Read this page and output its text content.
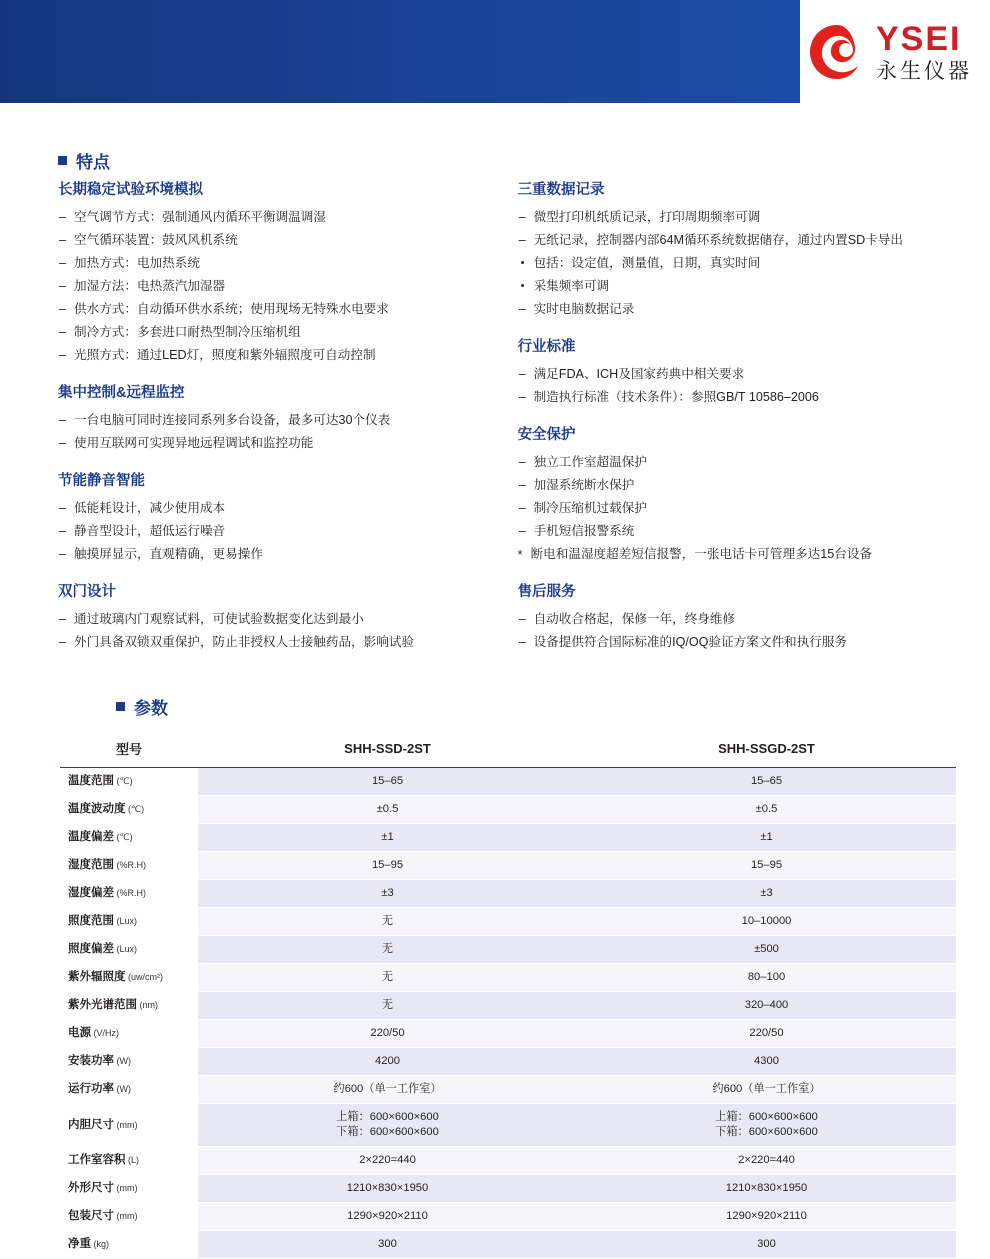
YSEI
永生仪器
特点
长期稳定试验环境模拟
– 空气调节方式：强制通风内循环平衡调温调湿
– 空气循环装置：鼓风风机系统
– 加热方式：电加热系统
– 加湿方法：电热蒸汽加湿器
– 供水方式：自动循环供水系统；使用现场无特殊水电要求
– 制冷方式：多套进口耐热型制冷压缩机组
– 光照方式：通过LED灯，照度和紫外辐照度可自动控制
集中控制&远程监控
– 一台电脑可同时连接同系列多台设备，最多可达30个仪表
– 使用互联网可实现异地远程调试和监控功能
节能静音智能
– 低能耗设计，减少使用成本
– 静音型设计，超低运行噪音
– 触摸屏显示，直观精确，更易操作
双门设计
– 通过玻璃内门观察试料，可使试验数据变化达到最小
– 外门具备双锁双重保护，防止非授权人士接触药品，影响试验
三重数据记录
– 微型打印机纸质记录，打印周期频率可调
– 无纸记录，控制器内部64M循环系统数据储存，通过内置SD卡导出
• 包括：设定值，测量值，日期，真实时间
• 采集频率可调
– 实时电脑数据记录
行业标准
– 满足FDA、ICH及国家药典中相关要求
– 制造执行标准（技术条件）：参照GB/T 10586–2006
安全保护
– 独立工作室超温保护
– 加湿系统断水保护
– 制冷压缩机过载保护
– 手机短信报警系统
* 断电和温湿度超差短信报警，一张电话卡可管理多达15台设备
售后服务
– 自动收合格起，保修一年，终身维修
– 设备提供符合国际标准的IQ/OQ验证方案文件和执行服务
参数
型号	SHH-SSD-2ST	SHH-SSGD-2ST
温度范围 (℃)	15–65	15–65
温度波动度 (℃)	±0.5	±0.5
温度偏差 (℃)	±1	±1
湿度范围 (%R.H)	15–95	15–95
湿度偏差 (%R.H)	±3	±3
照度范围 (Lux)	无	10–10000
照度偏差 (Lux)	无	±500
紫外辐照度 (uw/cm²)	无	80–100
紫外光谱范围 (nm)	无	320–400
电源 (V/Hz)	220/50	220/50
安装功率 (W)	4200	4300
运行功率 (W)	约600（单一工作室）	约600（单一工作室）
内胆尺寸 (mm)	上箱：600×600×600
下箱：600×600×600	上箱：600×600×600
下箱：600×600×600
工作室容积 (L)	2×220=440	2×220=440
外形尺寸 (mm)	1210×830×1950	1210×830×1950
包装尺寸 (mm)	1290×920×2110	1290×920×2110
净重 (kg)	300	300
